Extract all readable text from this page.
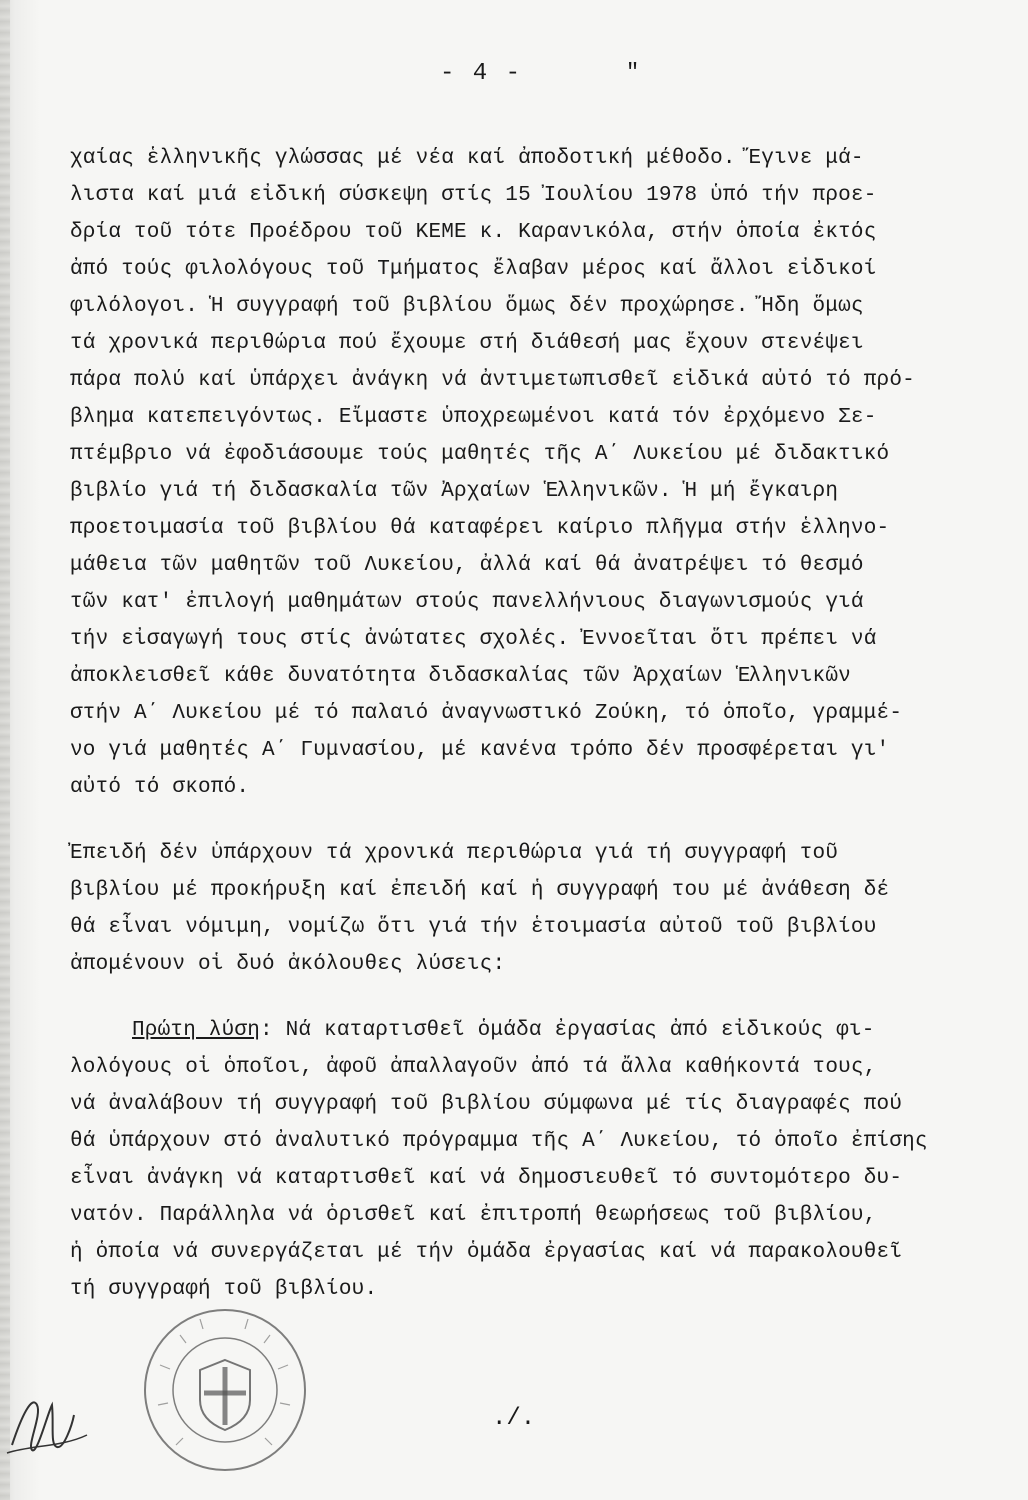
- 4 -	"
χαίας ἑλληνικῆς γλώσσας μέ νέα καί ἀποδοτική μέθοδο. Ἔγινε μά-
λιστα καί μιά εἰδική σύσκεψη στίς 15 Ἰουλίου 1978 ὑπό τήν προε-
δρία τοῦ τότε Προέδρου τοῦ ΚΕΜΕ κ. Καρανικόλα, στήν ὁποία ἐκτός
ἀπό τούς φιλολόγους τοῦ Τμήματος ἔλαβαν μέρος καί ἄλλοι εἰδικοί
φιλόλογοι. Ἡ συγγραφή τοῦ βιβλίου ὅμως δέν προχώρησε. Ἤδη ὅμως
τά χρονικά περιθώρια πού ἔχουμε στή διάθεσή μας ἔχουν στενέψει
πάρα πολύ καί ὑπάρχει ἀνάγκη νά ἀντιμετωπισθεῖ εἰδικά αὐτό τό πρό-
βλημα κατεπειγόντως. Εἴμαστε ὑποχρεωμένοι κατά τόν ἐρχόμενο Σε-
πτέμβριο νά ἐφοδιάσουμε τούς μαθητές τῆς Α΄ Λυκείου μέ διδακτικό
βιβλίο γιά τή διδασκαλία τῶν Ἀρχαίων Ἑλληνικῶν. Ἡ μή ἔγκαιρη
προετοιμασία τοῦ βιβλίου θά καταφέρει καίριο πλῆγμα στήν ἑλληνο-
μάθεια τῶν μαθητῶν τοῦ Λυκείου, ἀλλά καί θά ἀνατρέψει τό θεσμό
τῶν κατ' ἐπιλογή μαθημάτων στούς πανελλήνιους διαγωνισμούς γιά
τήν εἰσαγωγή τους στίς ἀνώτατες σχολές. Ἐννοεῖται ὅτι πρέπει νά
ἀποκλεισθεῖ κάθε δυνατότητα διδασκαλίας τῶν Ἀρχαίων Ἑλληνικῶν
στήν Α΄ Λυκείου μέ τό παλαιό ἀναγνωστικό Ζούκη, τό ὁποῖο, γραμμέ-
νο γιά μαθητές Α΄ Γυμνασίου, μέ κανένα τρόπο δέν προσφέρεται γι'
αὐτό τό σκοπό.
Ἐπειδή δέν ὑπάρχουν τά χρονικά περιθώρια γιά τή συγγραφή τοῦ
βιβλίου μέ προκήρυξη καί ἐπειδή καί ἡ συγγραφή του μέ ἀνάθεση δέ
θά εἶναι νόμιμη, νομίζω ὅτι γιά τήν ἑτοιμασία αὐτοῦ τοῦ βιβλίου
ἀπομένουν οἱ δυό ἀκόλουθες λύσεις:
Πρώτη λύση: Νά καταρτισθεῖ ὁμάδα ἐργασίας ἀπό εἰδικούς φι-
λολόγους οἱ ὁποῖοι, ἀφοῦ ἀπαλλαγοῦν ἀπό τά ἄλλα καθήκοντά τους,
νά ἀναλάβουν τή συγγραφή τοῦ βιβλίου σύμφωνα μέ τίς διαγραφές πού
θά ὑπάρχουν στό ἀναλυτικό πρόγραμμα τῆς Α΄ Λυκείου, τό ὁποῖο ἐπίσης
εἶναι ἀνάγκη νά καταρτισθεῖ καί νά δημοσιευθεῖ τό συντομότερο δυ-
νατόν. Παράλληλα νά ὁρισθεῖ καί ἐπιτροπή θεωρήσεως τοῦ βιβλίου,
ἡ ὁποία νά συνεργάζεται μέ τήν ὁμάδα ἐργασίας καί νά παρακολουθεῖ
τή συγγραφή τοῦ βιβλίου.
./.
